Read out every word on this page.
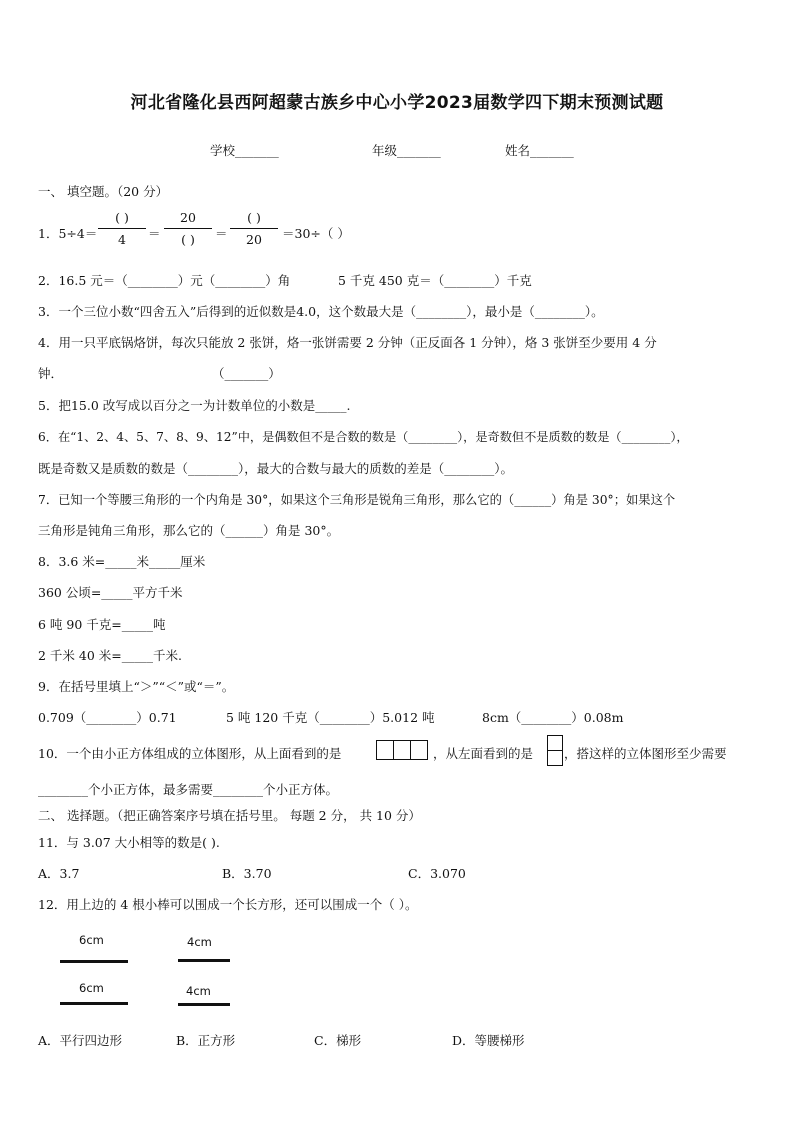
河北省隆化县西阿超蒙古族乡中心小学2023届数学四下期末预测试题
学校_______	年级_______	姓名_______
一、 填空题。（20 分）
1．5÷4＝
( )
4	＝
20
( )	＝
( )
20	＝30÷（ ）
2．16.5 元＝（________）元（________）角	5 千克 450 克＝（________）千克
3．一个三位小数“四舍五入”后得到的近似数是4.0，这个数最大是（________），最小是（________）。
4．用一只平底锅烙饼，每次只能放 2 张饼，烙一张饼需要 2 分钟（正反面各 1 分钟），烙 3 张饼至少要用 4 分
钟．	（_______）
5．把15.0 改写成以百分之一为计数单位的小数是_____.
6．在“1、2、4、5、7、8、9、12”中，是偶数但不是合数的数是（________），是奇数但不是质数的数是（________），
既是奇数又是质数的数是（________），最大的合数与最大的质数的差是（________）。
7．已知一个等腰三角形的一个内角是 30°，如果这个三角形是锐角三角形，那么它的（______）角是 30°；如果这个
三角形是钝角三角形，那么它的（______）角是 30°。
8．3.6 米=_____米_____厘米
360 公顷=_____平方千米
6 吨 90 千克=_____吨
2 千米 40 米=_____千米.
9．在括号里填上“＞”“＜”或“＝”。
0.709（________）0.71	5 吨 120 千克（________）5.012 吨	8cm（________）0.08m
10．一个由小正方体组成的立体图形，从上面看到的是	，从左面看到的是 ，搭这样的立体图形至少需要
________个小正方体，最多需要________个小正方体。
二、 选择题。（把正确答案序号填在括号里。 每题 2 分， 共 10 分）
11．与 3.07 大小相等的数是( ).
A．3.7	B．3.70	C．3.070
12．用上边的 4 根小棒可以围成一个长方形，还可以围成一个（ ）。
6cm
6cm
4cm
4cm
A．平行四边形	B．正方形	C．梯形	D．等腰梯形
